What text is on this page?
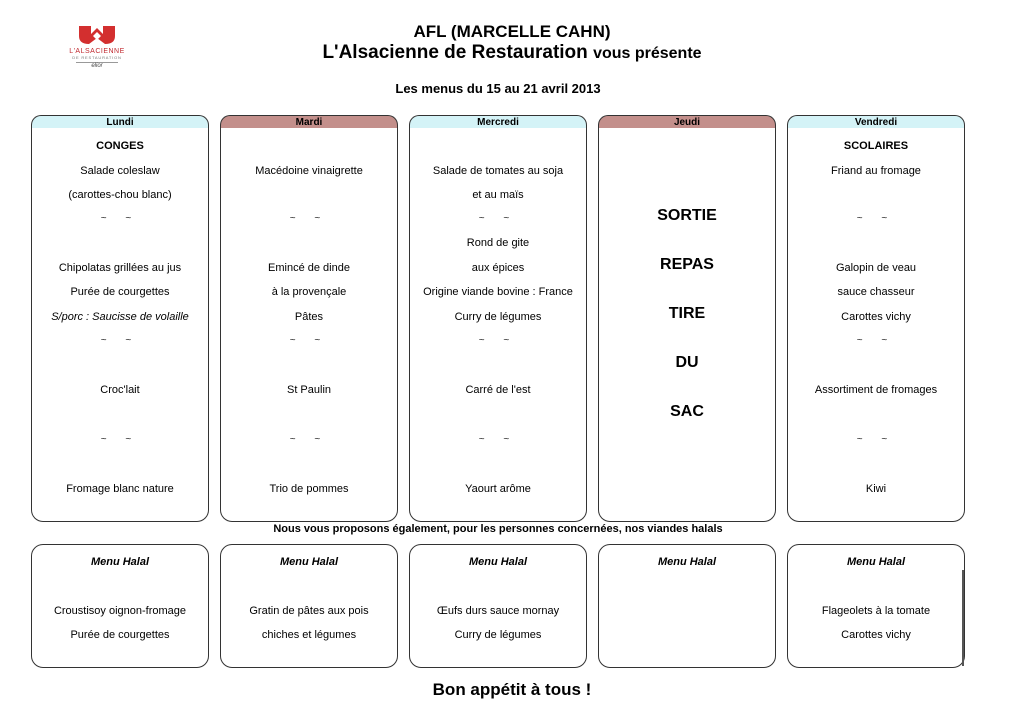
L'ALSACIENNE
DE RESTAURATION
elior
AFL (MARCELLE CAHN)
L'Alsacienne de Restauration vous présente
Les menus du 15 au 21 avril 2013
Lundi	Mardi	Mercredi	Jeudi	Vendredi
CONGES
Salade coleslaw
(carottes-chou blanc)
~ ~
Chipolatas grillées au jus
Purée de courgettes
S/porc : Saucisse de volaille
~ ~
Croc'lait
~ ~
Fromage blanc nature
Macédoine vinaigrette
~ ~
Emincé de dinde
à la provençale
Pâtes
~ ~
St Paulin
~ ~
Trio de pommes
Salade de tomates au soja
et au maïs
~ ~
Rond de gite
aux épices
Origine viande bovine : France
Curry de légumes
~ ~
Carré de l'est
~ ~
Yaourt arôme
SORTIE
REPAS
TIRE
DU
SAC
SCOLAIRES
Friand au fromage
~ ~
Galopin de veau
sauce chasseur
Carottes vichy
~ ~
Assortiment de fromages
~ ~
Kiwi
Nous vous proposons également, pour les personnes concernées, nos viandes halals
Menu Halal
Croustisoy oignon-fromage
Purée de courgettes
Menu Halal
Gratin de pâtes aux pois
chiches et légumes
Menu Halal
Œufs durs sauce mornay
Curry de légumes
Menu Halal	Menu Halal
Flageolets à la tomate
Carottes vichy
Bon appétit à tous !
